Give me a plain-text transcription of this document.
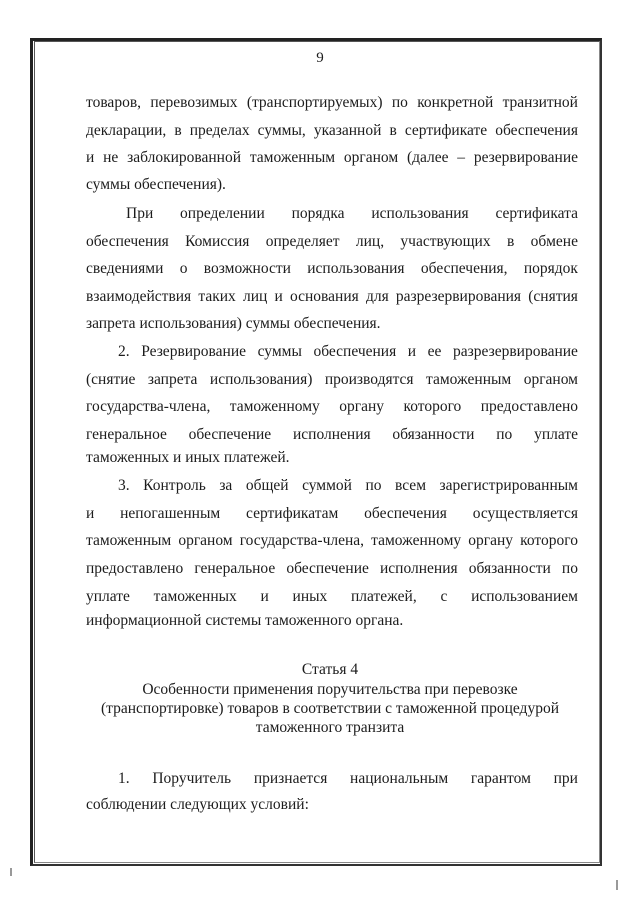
9
товаров, перевозимых (транспортируемых) по конкретной транзитной
декларации, в пределах суммы, указанной в сертификате обеспечения
и не заблокированной таможенным органом (далее – резервирование
суммы обеспечения).
При определении порядка использования сертификата
обеспечения Комиссия определяет лиц, участвующих в обмене
сведениями о возможности использования обеспечения, порядок
взаимодействия таких лиц и основания для разрезервирования (снятия
запрета использования) суммы обеспечения.
2. Резервирование суммы обеспечения и ее разрезервирование
(снятие запрета использования) производятся таможенным органом
государства-члена, таможенному органу которого предоставлено
генеральное обеспечение исполнения обязанности по уплате
таможенных и иных платежей.
3. Контроль за общей суммой по всем зарегистрированным
и непогашенным сертификатам обеспечения осуществляется
таможенным органом государства-члена, таможенному органу которого
предоставлено генеральное обеспечение исполнения обязанности по
уплате таможенных и иных платежей, с использованием
информационной системы таможенного органа.
Статья 4
Особенности применения поручительства при перевозке
(транспортировке) товаров в соответствии с таможенной процедурой
таможенного транзита
1. Поручитель признается национальным гарантом при
соблюдении следующих условий:
